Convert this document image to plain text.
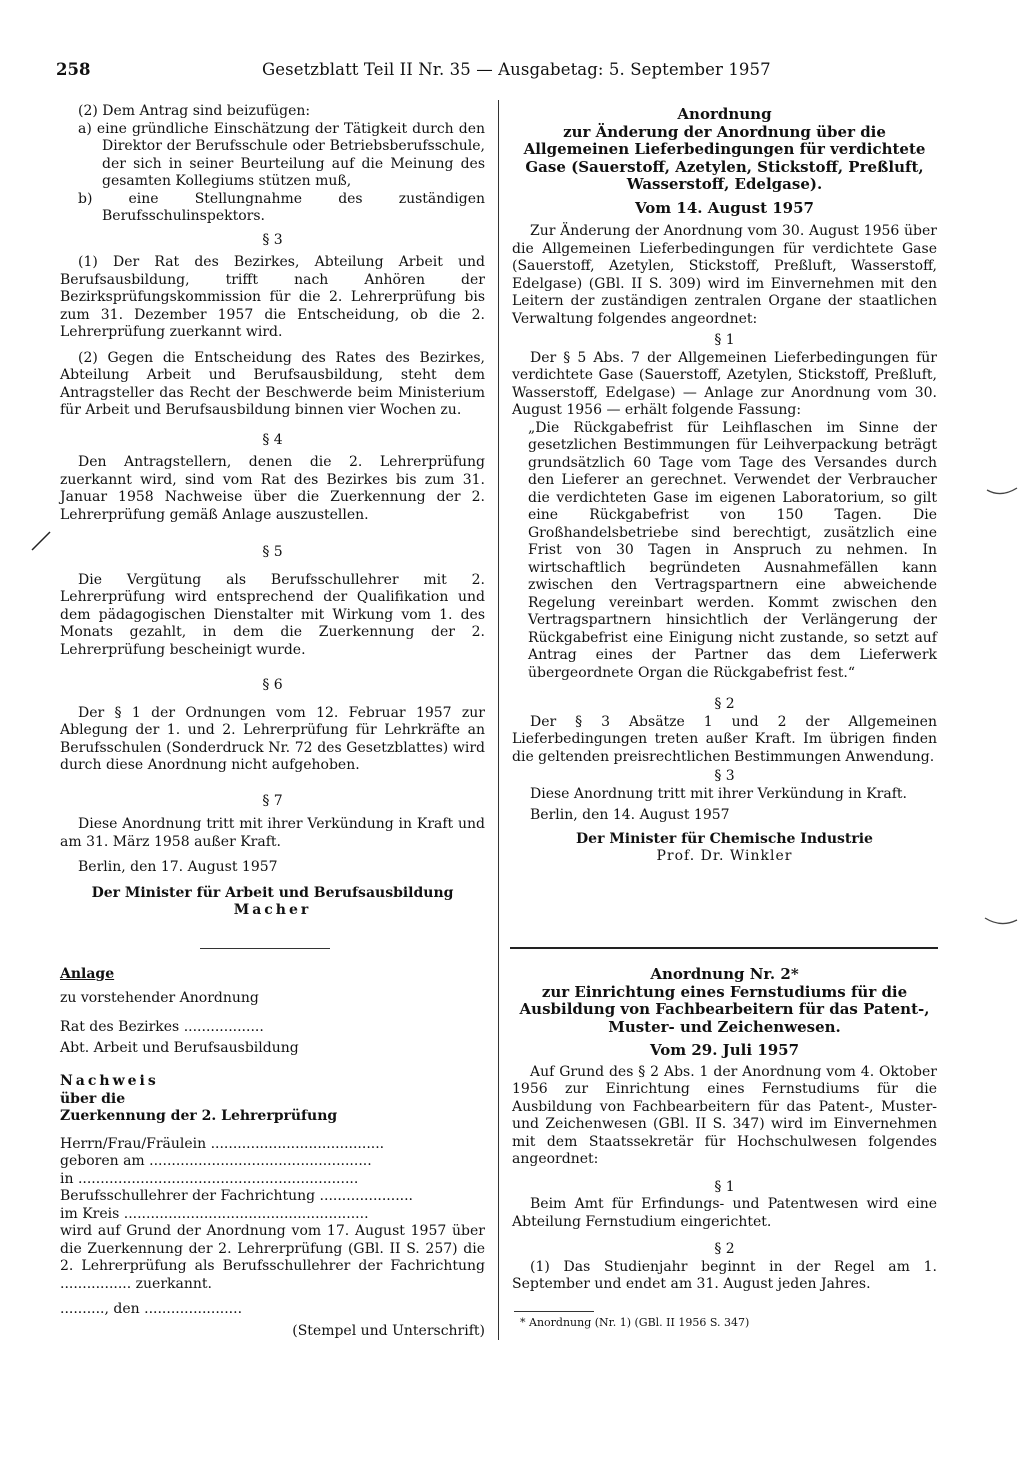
258	Gesetzblatt Teil II Nr. 35 — Ausgabetag: 5. September 1957

(2) Dem Antrag sind beizufügen:

a) eine gründliche Einschätzung der Tätigkeit durch den Direktor der Berufsschule oder Betriebsberufsschule, der sich in seiner Beurteilung auf die Meinung des gesamten Kollegiums stützen muß,
b) eine Stellungnahme des zuständigen Berufsschulinspektors.

§ 3

(1) Der Rat des Bezirkes, Abteilung Arbeit und Berufsausbildung, trifft nach Anhören der Bezirksprüfungskommission für die 2. Lehrerprüfung bis zum 31. Dezember 1957 die Entscheidung, ob die 2. Lehrerprüfung zuerkannt wird.

(2) Gegen die Entscheidung des Rates des Bezirkes, Abteilung Arbeit und Berufsausbildung, steht dem Antragsteller das Recht der Beschwerde beim Ministerium für Arbeit und Berufsausbildung binnen vier Wochen zu.

§ 4

Den Antragstellern, denen die 2. Lehrerprüfung zuerkannt wird, sind vom Rat des Bezirkes bis zum 31. Januar 1958 Nachweise über die Zuerkennung der 2. Lehrerprüfung gemäß Anlage auszustellen.

§ 5

Die Vergütung als Berufsschullehrer mit 2. Lehrerprüfung wird entsprechend der Qualifikation und dem pädagogischen Dienstalter mit Wirkung vom 1. des Monats gezahlt, in dem die Zuerkennung der 2. Lehrerprüfung bescheinigt wurde.

§ 6

Der § 1 der Ordnungen vom 12. Februar 1957 zur Ablegung der 1. und 2. Lehrerprüfung für Lehrkräfte an Berufsschulen (Sonderdruck Nr. 72 des Gesetzblattes) wird durch diese Anordnung nicht aufgehoben.

§ 7

Diese Anordnung tritt mit ihrer Verkündung in Kraft und am 31. März 1958 außer Kraft.

Berlin, den 17. August 1957

Der Minister für Arbeit und Berufsausbildung

Macher

Anlage

zu vorstehender Anordnung

Rat des Bezirkes ..................

Abt. Arbeit und Berufsausbildung

Nachweis

über die

Zuerkennung der 2. Lehrerprüfung

Herrn/Frau/Fräulein .......................................

geboren am ..................................................

in ...............................................................

Berufsschullehrer der Fachrichtung .....................

im Kreis .......................................................

wird auf Grund der Anordnung vom 17. August 1957 über die Zuerkennung der 2. Lehrerprüfung (GBl. II S. 257) die 2. Lehrerprüfung als Berufsschullehrer der Fachrichtung ................ zuerkannt.

.........., den ......................

(Stempel und Unterschrift)

Anordnung

zur Änderung der Anordnung über die Allgemeinen Lieferbedingungen für verdichtete Gase (Sauerstoff, Azetylen, Stickstoff, Preßluft, Wasserstoff, Edelgase).

Vom 14. August 1957

Zur Änderung der Anordnung vom 30. August 1956 über die Allgemeinen Lieferbedingungen für verdichtete Gase (Sauerstoff, Azetylen, Stickstoff, Preßluft, Wasserstoff, Edelgase) (GBl. II S. 309) wird im Einvernehmen mit den Leitern der zuständigen zentralen Organe der staatlichen Verwaltung folgendes angeordnet:

§ 1

Der § 5 Abs. 7 der Allgemeinen Lieferbedingungen für verdichtete Gase (Sauerstoff, Azetylen, Stickstoff, Preßluft, Wasserstoff, Edelgase) — Anlage zur Anordnung vom 30. August 1956 — erhält folgende Fassung:

„Die Rückgabefrist für Leihflaschen im Sinne der gesetzlichen Bestimmungen für Leihverpackung beträgt grundsätzlich 60 Tage vom Tage des Versandes durch den Lieferer an gerechnet. Verwendet der Verbraucher die verdichteten Gase im eigenen Laboratorium, so gilt eine Rückgabefrist von 150 Tagen. Die Großhandelsbetriebe sind berechtigt, zusätzlich eine Frist von 30 Tagen in Anspruch zu nehmen. In wirtschaftlich begründeten Ausnahmefällen kann zwischen den Vertragspartnern eine abweichende Regelung vereinbart werden. Kommt zwischen den Vertragspartnern hinsichtlich der Verlängerung der Rückgabefrist eine Einigung nicht zustande, so setzt auf Antrag eines der Partner das dem Lieferwerk übergeordnete Organ die Rückgabefrist fest.“

§ 2

Der § 3 Absätze 1 und 2 der Allgemeinen Lieferbedingungen treten außer Kraft. Im übrigen finden die geltenden preisrechtlichen Bestimmungen Anwendung.

§ 3

Diese Anordnung tritt mit ihrer Verkündung in Kraft.

Berlin, den 14. August 1957

Der Minister für Chemische Industrie

Prof. Dr. Winkler

Anordnung Nr. 2*

zur Einrichtung eines Fernstudiums für die Ausbildung von Fachbearbeitern für das Patent-, Muster- und Zeichenwesen.

Vom 29. Juli 1957

Auf Grund des § 2 Abs. 1 der Anordnung vom 4. Oktober 1956 zur Einrichtung eines Fernstudiums für die Ausbildung von Fachbearbeitern für das Patent-, Muster- und Zeichenwesen (GBl. II S. 347) wird im Einvernehmen mit dem Staatssekretär für Hochschulwesen folgendes angeordnet:

§ 1

Beim Amt für Erfindungs- und Patentwesen wird eine Abteilung Fernstudium eingerichtet.

§ 2

(1) Das Studienjahr beginnt in der Regel am 1. September und endet am 31. August jeden Jahres.

* Anordnung (Nr. 1) (GBl. II 1956 S. 347)
